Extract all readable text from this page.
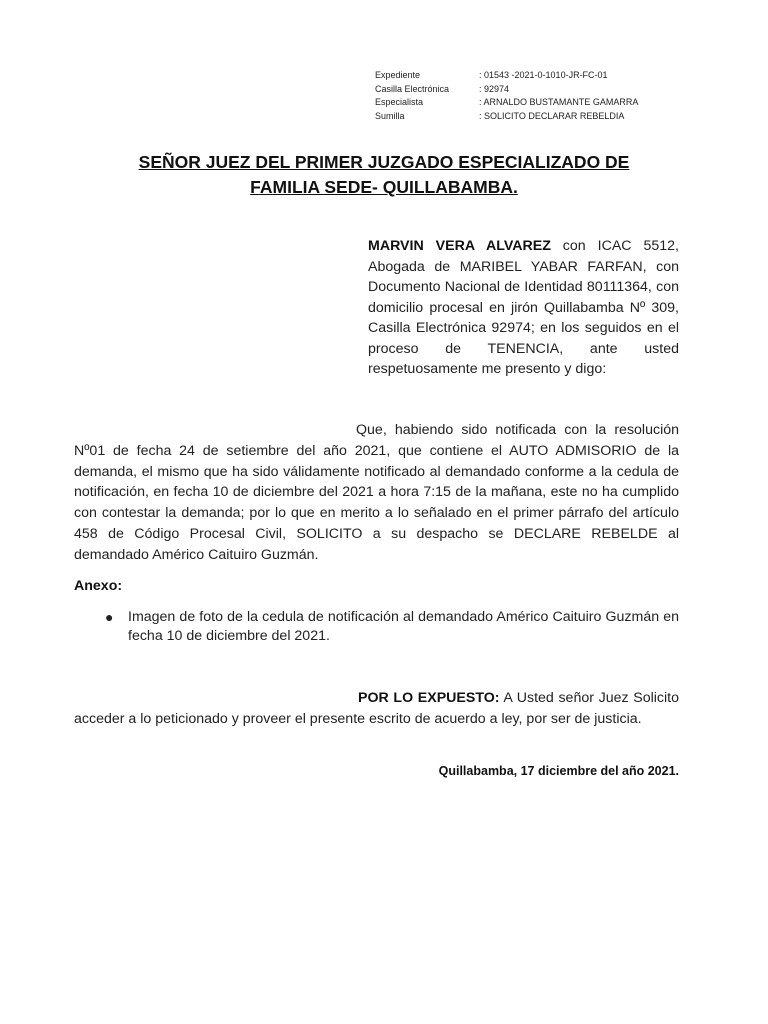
Expediente	: 01543 -2021-0-1010-JR-FC-01
Casilla Electrónica	: 92974
Especialista	: ARNALDO BUSTAMANTE GAMARRA
Sumilla	: SOLICITO DECLARAR REBELDIA
SEÑOR JUEZ DEL PRIMER JUZGADO ESPECIALIZADO DE
FAMILIA SEDE- QUILLABAMBA.
MARVIN VERA ALVAREZ con ICAC 5512, Abogada de MARIBEL YABAR FARFAN, con Documento Nacional de Identidad 80111364, con domicilio procesal en jirón Quillabamba Nº 309, Casilla Electrónica 92974; en los seguidos en el proceso de TENENCIA, ante usted respetuosamente me presento y digo:
Que, habiendo sido notificada con la resolución Nº01 de fecha 24 de setiembre del año 2021, que contiene el AUTO ADMISORIO de la demanda, el mismo que ha sido válidamente notificado al demandado conforme a la cedula de notificación, en fecha 10 de diciembre del 2021 a hora 7:15 de la mañana, este no ha cumplido con contestar la demanda; por lo que en merito a lo señalado en el primer párrafo del artículo 458 de Código Procesal Civil, SOLICITO a su despacho se DECLARE REBELDE al demandado Américo Caituiro Guzmán.
Anexo:
● Imagen de foto de la cedula de notificación al demandado Américo Caituiro Guzmán en fecha 10 de diciembre del 2021.
POR LO EXPUESTO: A Usted señor Juez Solicito acceder a lo peticionado y proveer el presente escrito de acuerdo a ley, por ser de justicia.
Quillabamba, 17 diciembre del año 2021.
